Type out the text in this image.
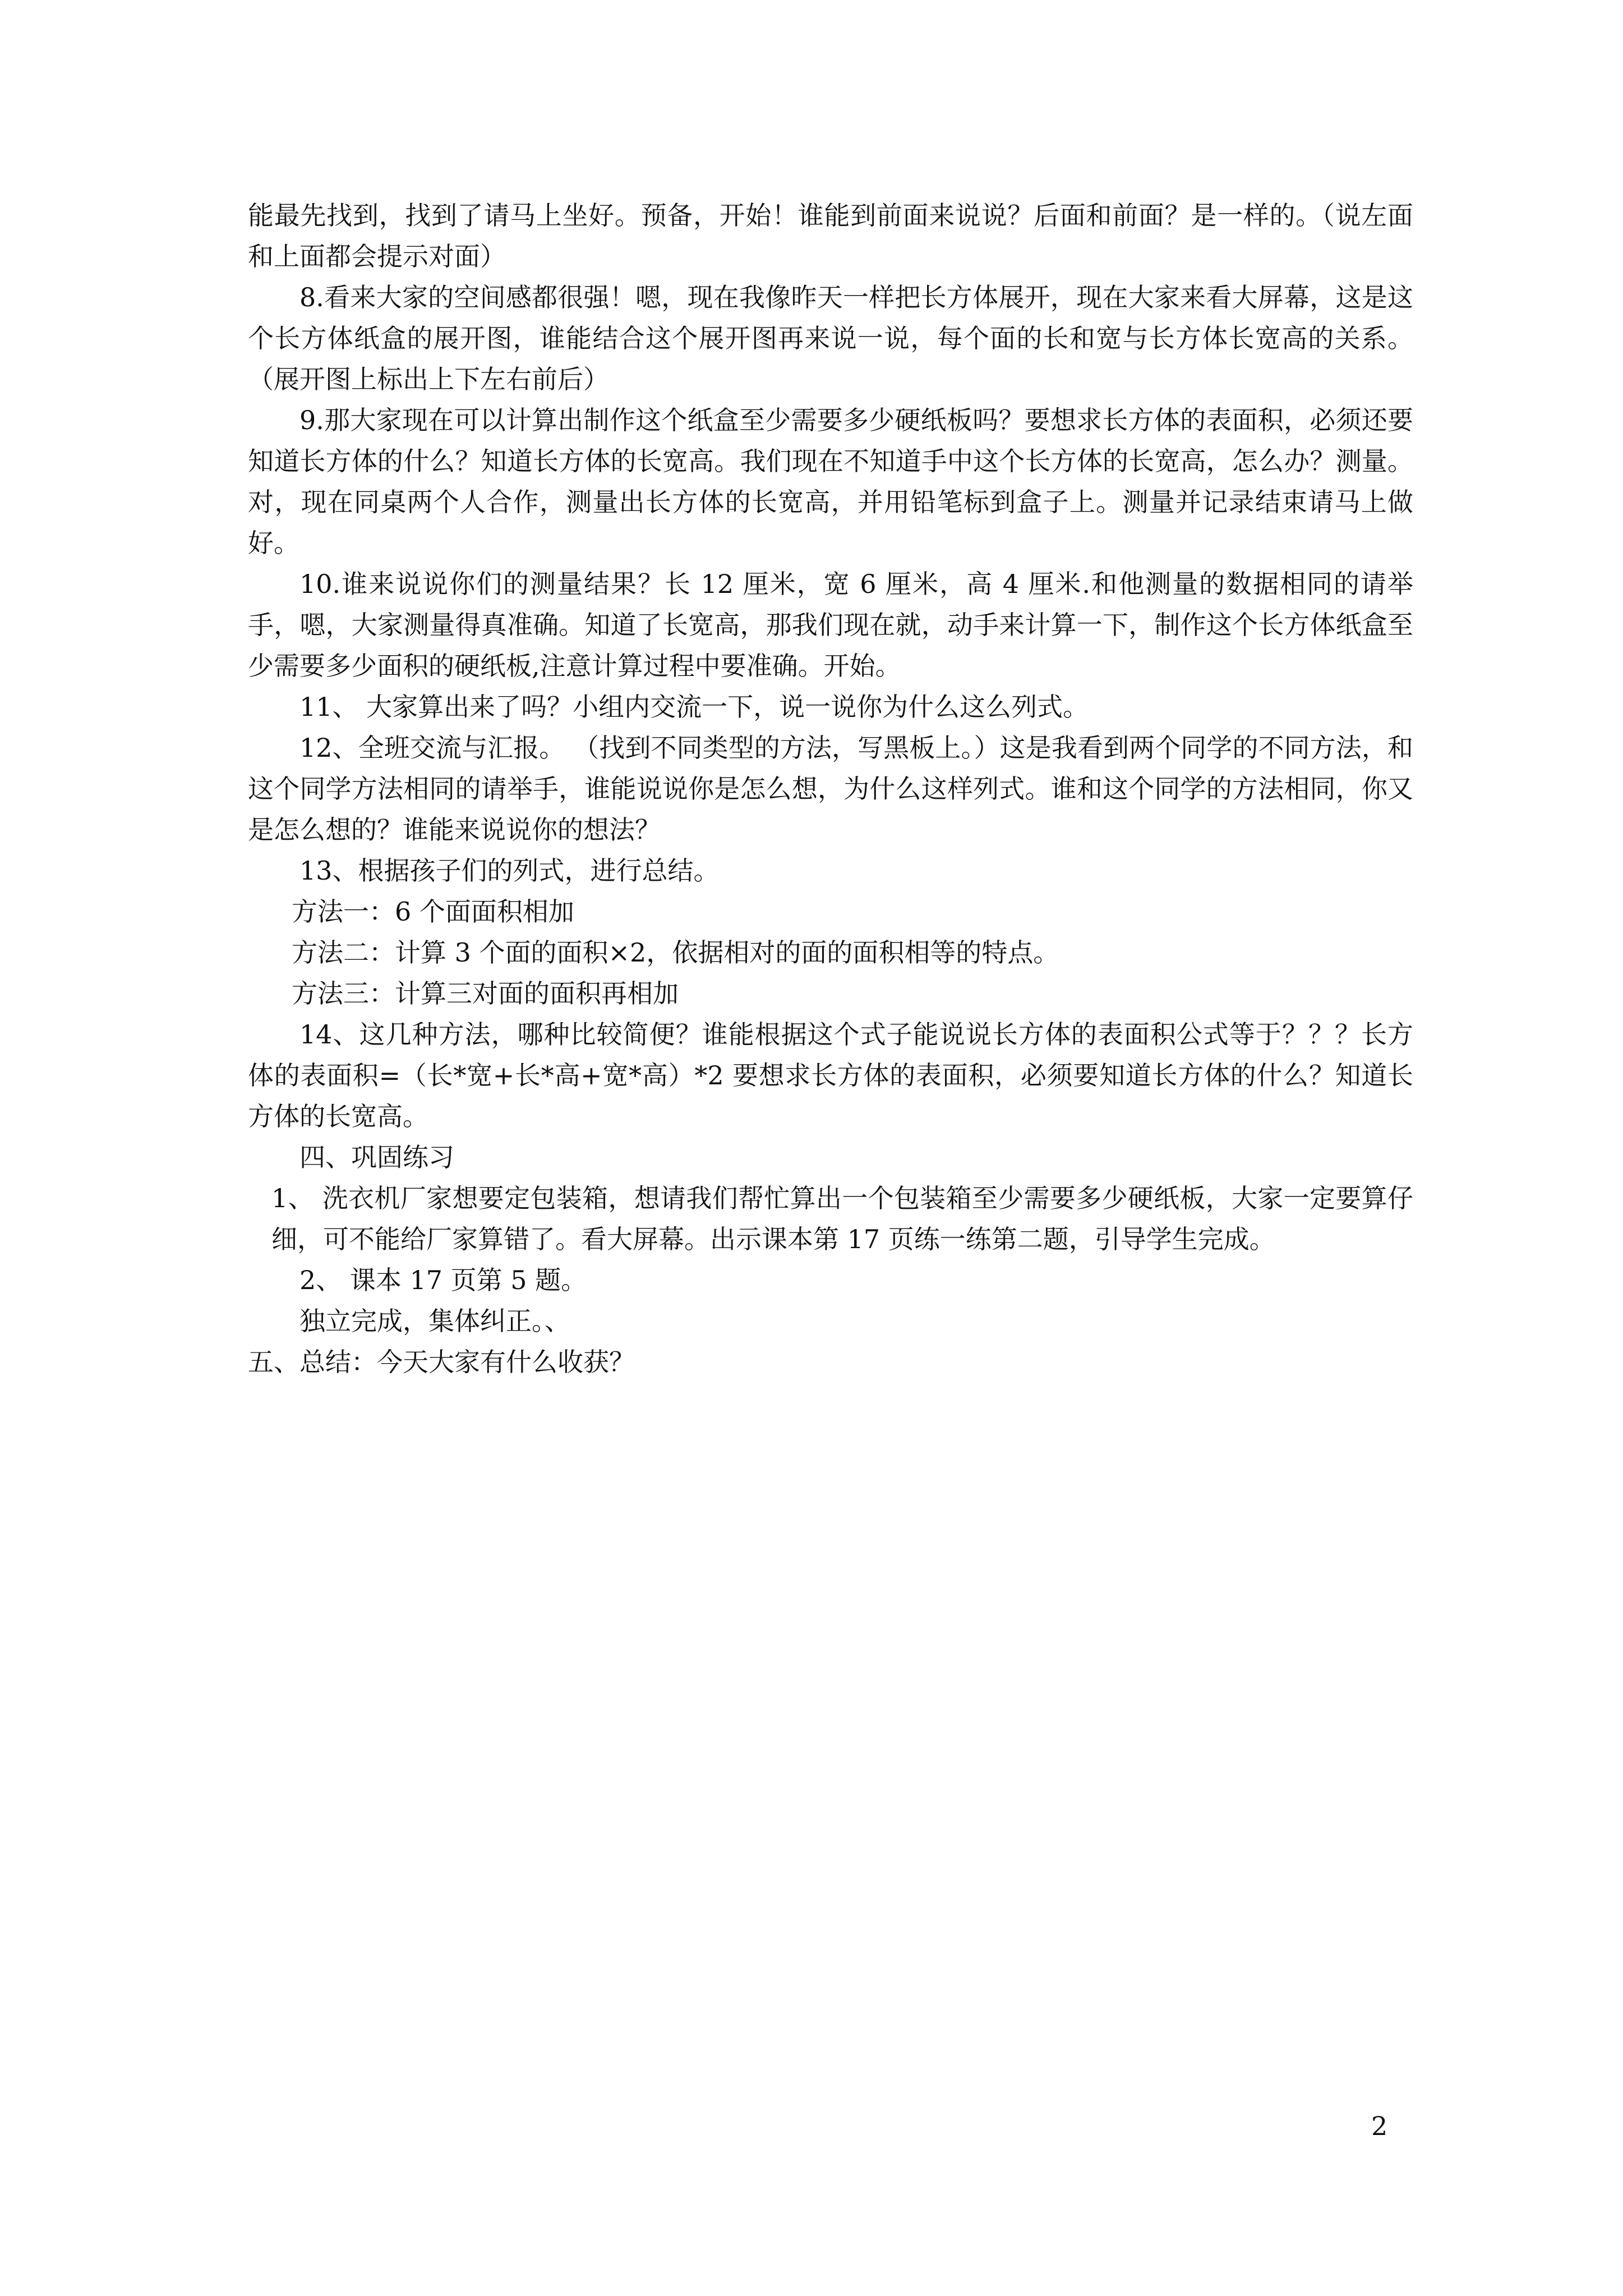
能最先找到，找到了请马上坐好。预备，开始！谁能到前面来说说？后面和前面？是一样的。（说左面 和上面都会提示对面）

8.看来大家的空间感都很强！嗯，现在我像昨天一样把长方体展开，现在大家来看大屏幕，这是这个长方体纸盒的展开图，谁能结合这个展开图再来说一说，每个面的长和宽与长方体长宽高的关系。（展开图上标出上下左右前后）

9.那大家现在可以计算出制作这个纸盒至少需要多少硬纸板吗？要想求长方体的表面积，必须还要知道长方体的什么？知道长方体的长宽高。我们现在不知道手中这个长方体的长宽高，怎么办？测量。对，现在同桌两个人合作，测量出长方体的长宽高，并用铅笔标到盒子上。测量并记录结束请马上做好。

10.谁来说说你们的测量结果？长 12 厘米，宽 6 厘米，高 4 厘米.和他测量的数据相同的请举手，嗯，大家测量得真准确。知道了长宽高，那我们现在就，动手来计算一下，制作这个长方体纸盒至少需要多少面积的硬纸板,注意计算过程中要准确。开始。

11、 大家算出来了吗？小组内交流一下，说一说你为什么这么列式。

12、全班交流与汇报。 （找到不同类型的方法，写黑板上。）这是我看到两个同学的不同方法，和这个同学方法相同的请举手，谁能说说你是怎么想，为什么这样列式。谁和这个同学的方法相同，你又是怎么想的？谁能来说说你的想法？

13、根据孩子们的列式，进行总结。

方法一：6 个面面积相加

方法二：计算 3 个面的面积×2，依据相对的面的面积相等的特点。

方法三：计算三对面的面积再相加

14、这几种方法，哪种比较简便？谁能根据这个式子能说说长方体的表面积公式等于？？？长方体的表面积=（长*宽+长*高+宽*高）*2 要想求长方体的表面积，必须要知道长方体的什么？知道长方体的长宽高。

四、巩固练习

1、 洗衣机厂家想要定包装箱，想请我们帮忙算出一个包装箱至少需要多少硬纸板，大家一定要算仔细，可不能给厂家算错了。看大屏幕。出示课本第 17 页练一练第二题，引导学生完成。

2、 课本 17 页第 5 题。

独立完成，集体纠正。、

五、总结：今天大家有什么收获？

2
